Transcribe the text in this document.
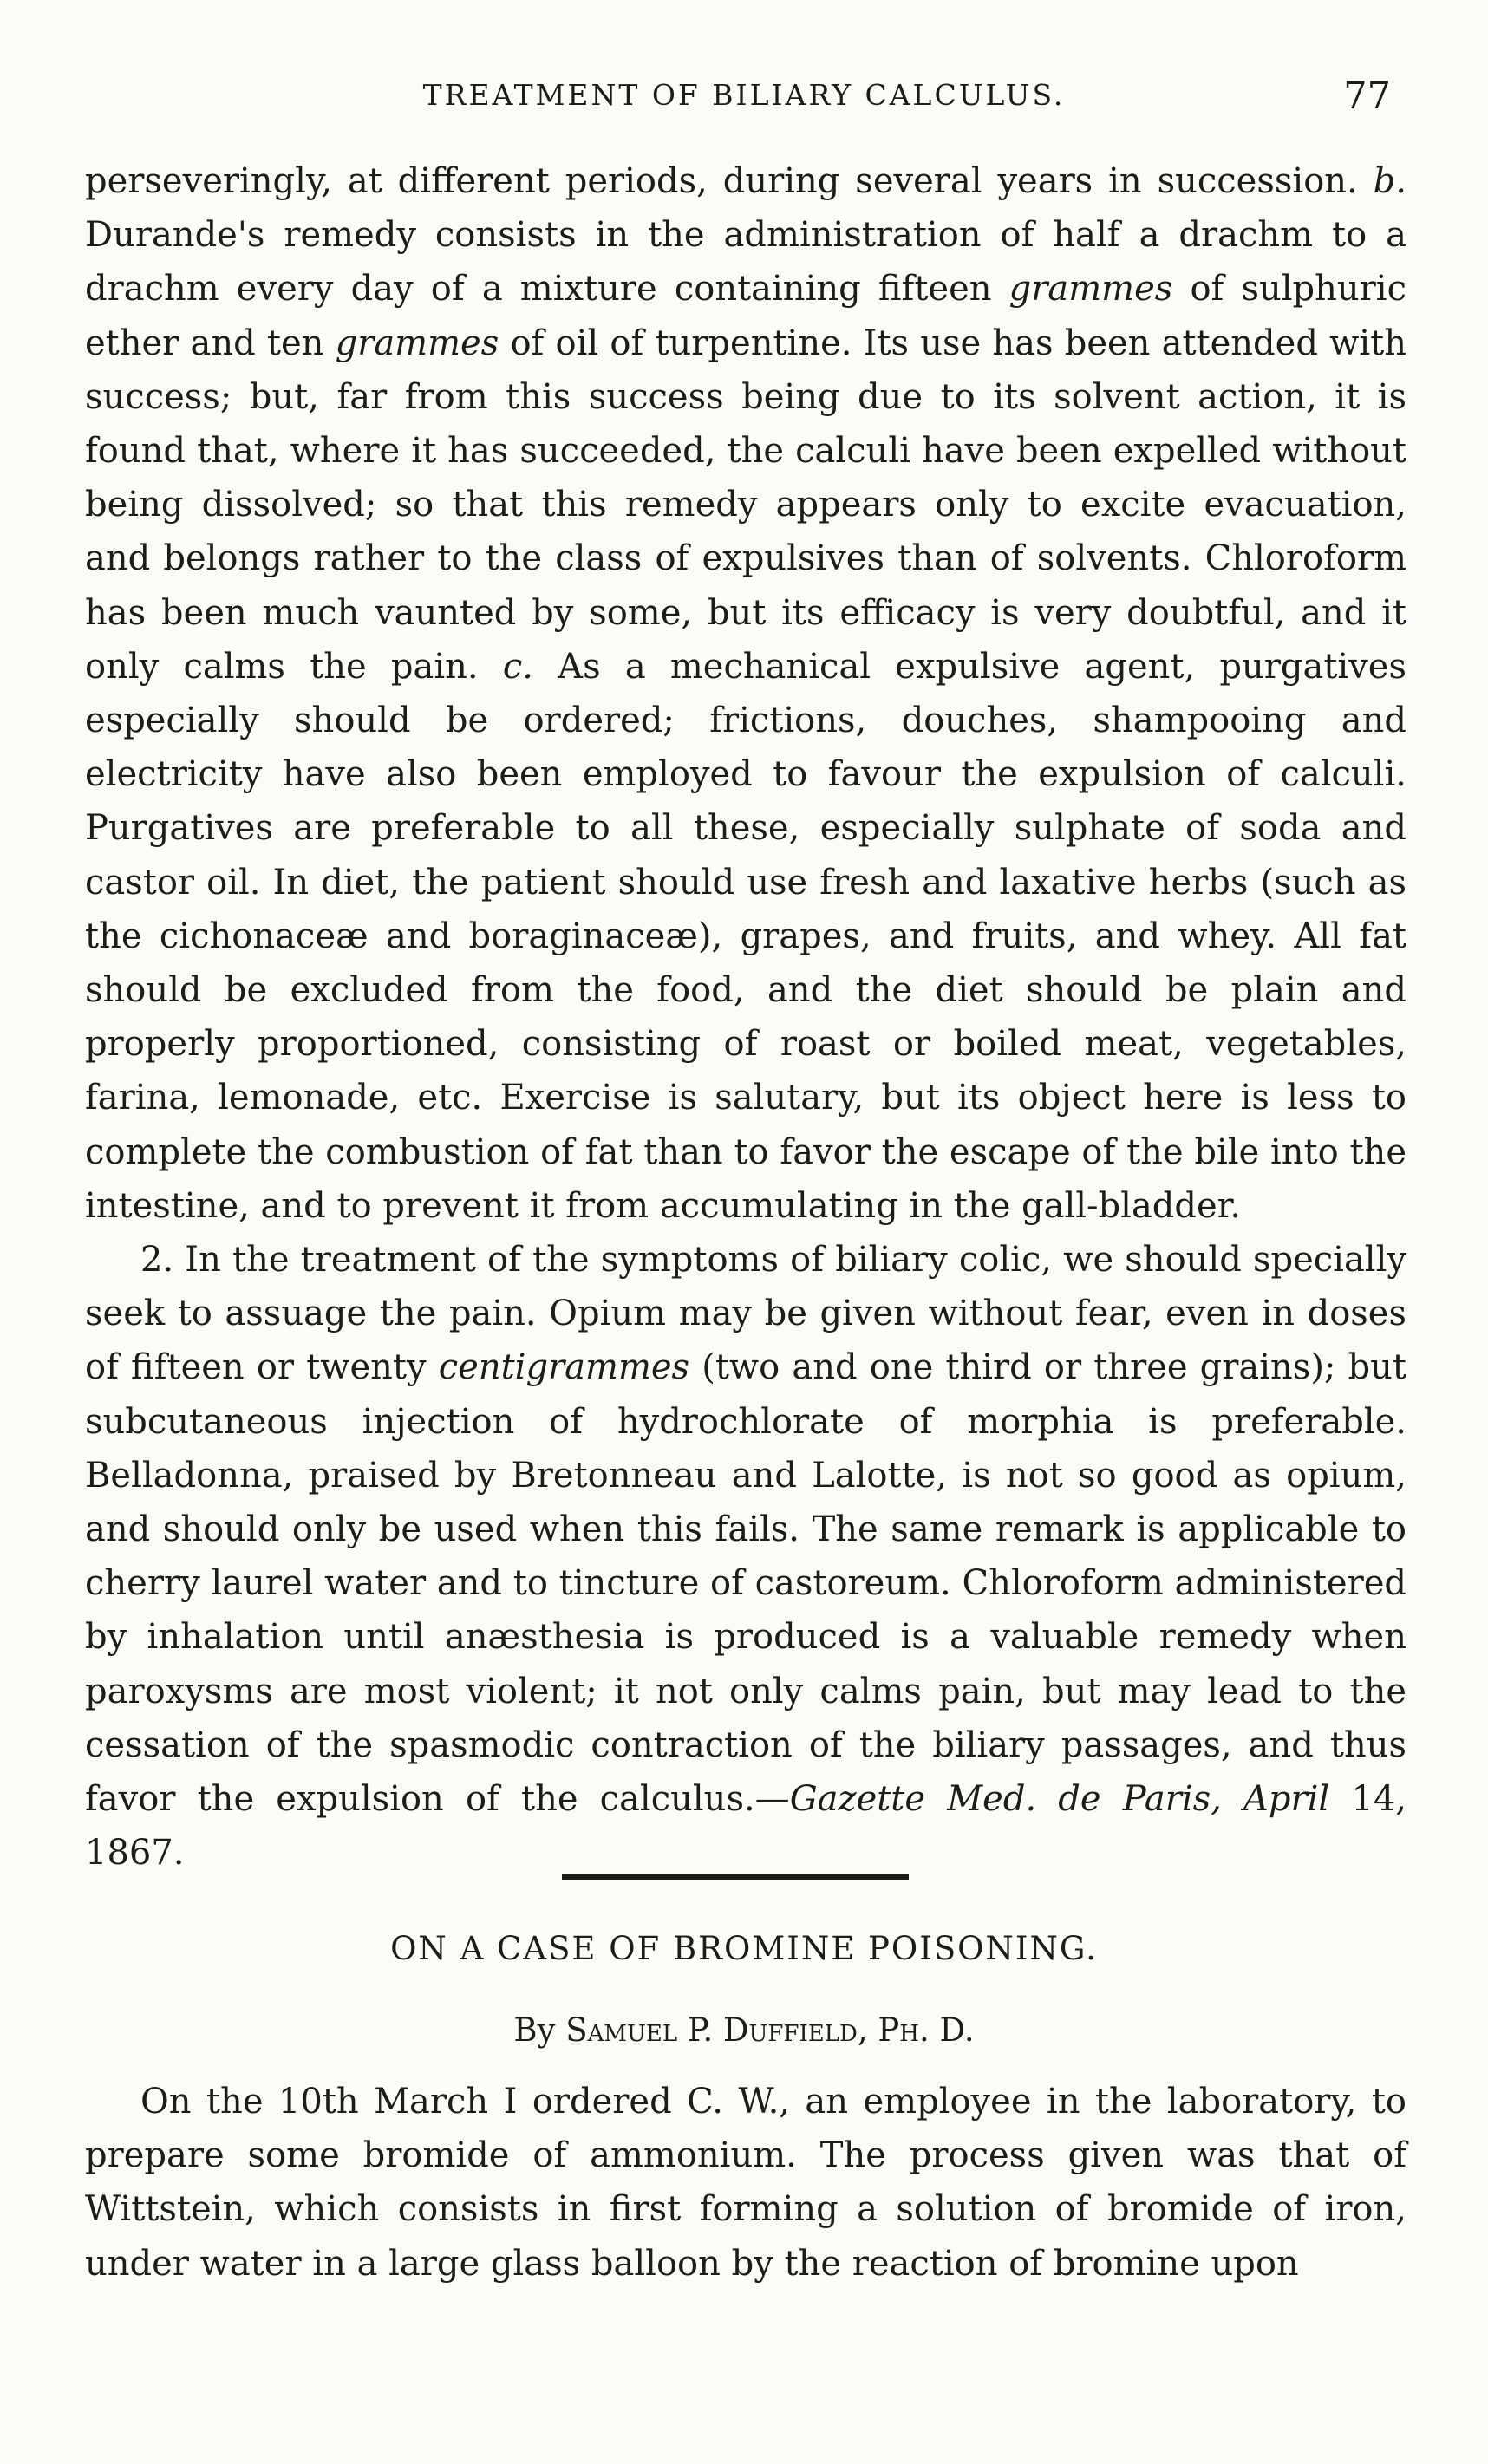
TREATMENT OF BILIARY CALCULUS.	77

perseveringly, at different periods, during several years in succession. b. Durande's remedy consists in the administration of half a drachm to a drachm every day of a mixture containing fifteen grammes of sulphuric ether and ten grammes of oil of turpentine. Its use has been attended with success; but, far from this success being due to its solvent action, it is found that, where it has succeeded, the calculi have been expelled without being dissolved; so that this remedy appears only to excite evacuation, and belongs rather to the class of expulsives than of solvents. Chloroform has been much vaunted by some, but its efficacy is very doubtful, and it only calms the pain. c. As a mechanical expulsive agent, purgatives especially should be ordered; frictions, douches, shampooing and electricity have also been employed to favour the expulsion of calculi. Purgatives are preferable to all these, especially sulphate of soda and castor oil. In diet, the patient should use fresh and laxative herbs (such as the cichonaceæ and boraginaceæ), grapes, and fruits, and whey. All fat should be excluded from the food, and the diet should be plain and properly proportioned, consisting of roast or boiled meat, vegetables, farina, lemonade, etc. Exercise is salutary, but its object here is less to complete the combustion of fat than to favor the escape of the bile into the intestine, and to prevent it from accumulating in the gall-bladder.

2. In the treatment of the symptoms of biliary colic, we should specially seek to assuage the pain. Opium may be given without fear, even in doses of fifteen or twenty centigrammes (two and one third or three grains); but subcutaneous injection of hydrochlorate of morphia is preferable. Belladonna, praised by Bretonneau and Lalotte, is not so good as opium, and should only be used when this fails. The same remark is applicable to cherry laurel water and to tincture of castoreum. Chloroform administered by inhalation until anæsthesia is produced is a valuable remedy when paroxysms are most violent; it not only calms pain, but may lead to the cessation of the spasmodic contraction of the biliary passages, and thus favor the expulsion of the calculus.—Gazette Med. de Paris, April 14, 1867.

ON A CASE OF BROMINE POISONING.
By Samuel P. Duffield, Ph. D.

On the 10th March I ordered C. W., an employee in the laboratory, to prepare some bromide of ammonium. The process given was that of Wittstein, which consists in first forming a solution of bromide of iron, under water in a large glass balloon by the reaction of bromine upon
